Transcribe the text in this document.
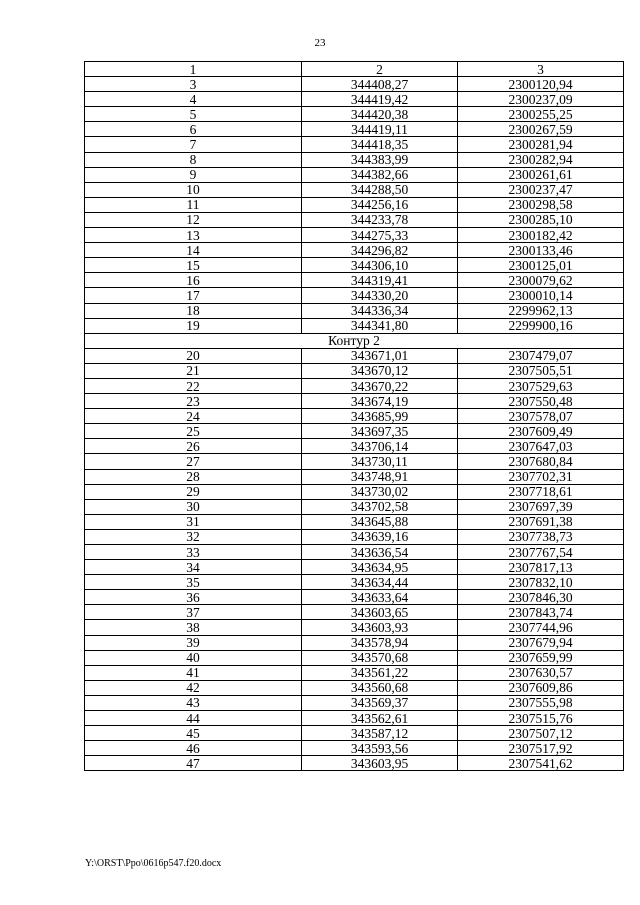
23
1	2	3
3	344408,27	2300120,94
4	344419,42	2300237,09
5	344420,38	2300255,25
6	344419,11	2300267,59
7	344418,35	2300281,94
8	344383,99	2300282,94
9	344382,66	2300261,61
10	344288,50	2300237,47
11	344256,16	2300298,58
12	344233,78	2300285,10
13	344275,33	2300182,42
14	344296,82	2300133,46
15	344306,10	2300125,01
16	344319,41	2300079,62
17	344330,20	2300010,14
18	344336,34	2299962,13
19	344341,80	2299900,16
Контур 2		
20	343671,01	2307479,07
21	343670,12	2307505,51
22	343670,22	2307529,63
23	343674,19	2307550,48
24	343685,99	2307578,07
25	343697,35	2307609,49
26	343706,14	2307647,03
27	343730,11	2307680,84
28	343748,91	2307702,31
29	343730,02	2307718,61
30	343702,58	2307697,39
31	343645,88	2307691,38
32	343639,16	2307738,73
33	343636,54	2307767,54
34	343634,95	2307817,13
35	343634,44	2307832,10
36	343633,64	2307846,30
37	343603,65	2307843,74
38	343603,93	2307744,96
39	343578,94	2307679,94
40	343570,68	2307659,99
41	343561,22	2307630,57
42	343560,68	2307609,86
43	343569,37	2307555,98
44	343562,61	2307515,76
45	343587,12	2307507,12
46	343593,56	2307517,92
47	343603,95	2307541,62
Y:\ORST\Ppo\0616p547.f20.docx
